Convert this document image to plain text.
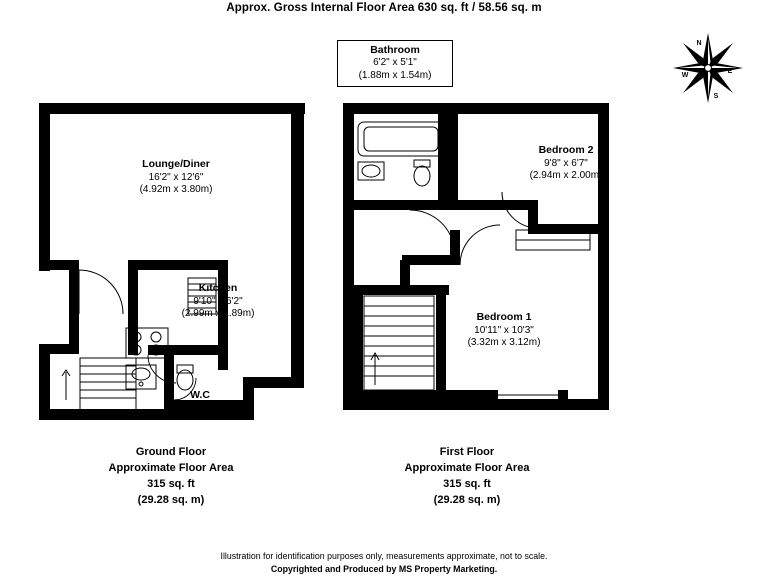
Approx. Gross Internal Floor Area 630 sq. ft / 58.56 sq. m
N
E
S
W
Lounge/Diner
16'2" x 12'6"
(4.92m x 3.80m)
Kitchen
9'10" x 6'2"
(2.99m x 1.89m)
W.C
Bathroom
6'2" x 5'1"
(1.88m x 1.54m)
Bedroom 2
9'8" x 6'7"
(2.94m x 2.00m)
Bedroom 1
10'11" x 10'3"
(3.32m x 3.12m)
Ground Floor
Approximate Floor Area
315 sq. ft
(29.28 sq. m)
First Floor
Approximate Floor Area
315 sq. ft
(29.28 sq. m)
Illustration for identification purposes only, measurements approximate, not to scale.
Copyrighted and Produced by MS Property Marketing.
